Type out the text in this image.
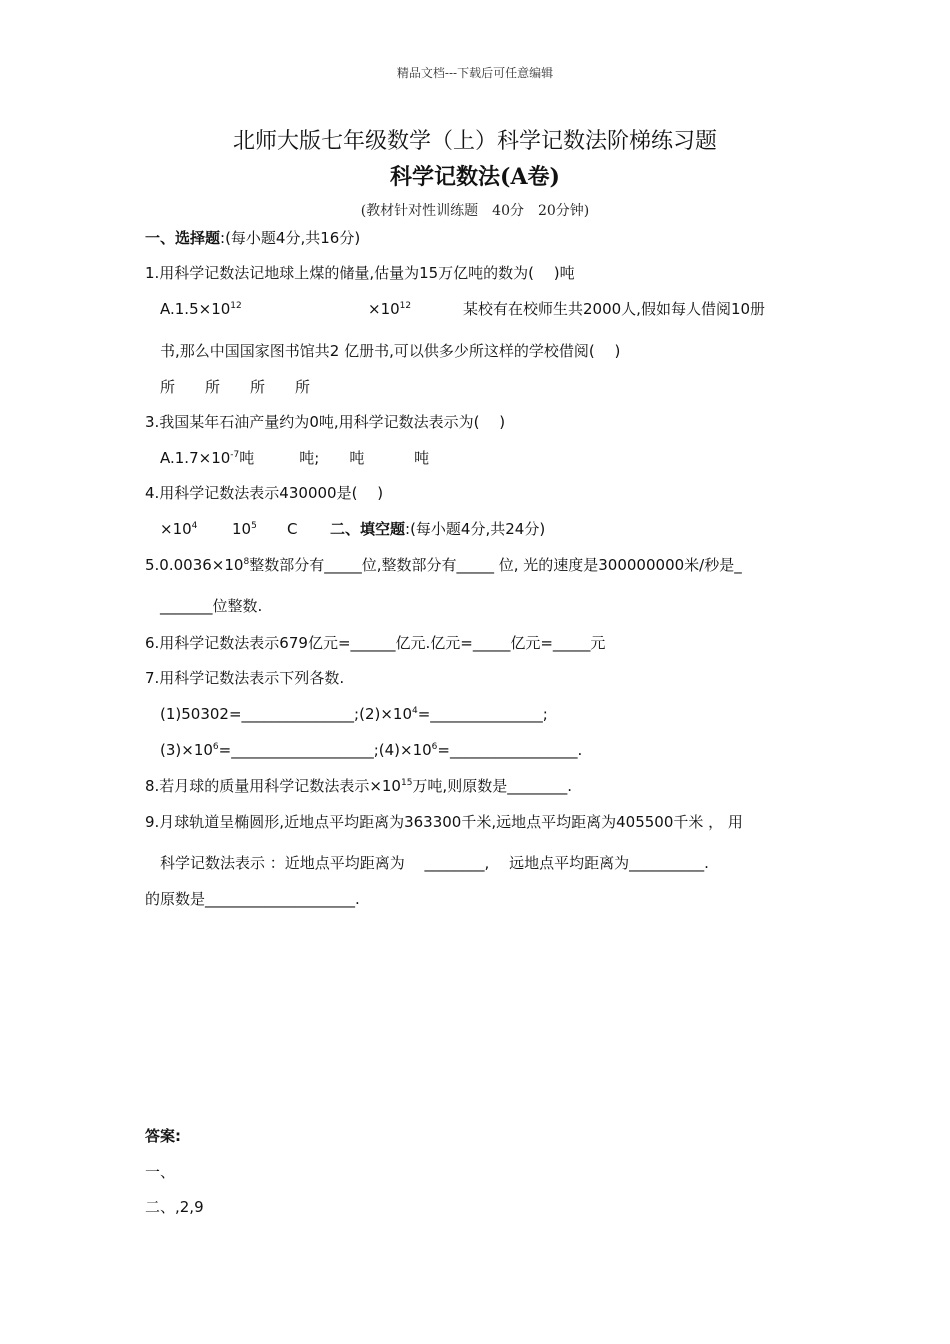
精品文档---下载后可任意编辑
北师大版七年级数学（上）科学记数法阶梯练习题
科学记数法(A卷)
(教材针对性训练题　40分　20分钟)
一、选择题:(每小题4分,共16分)
1.用科学记数法记地球上煤的储量,估量为15万亿吨的数为(　 )吨
$A.1.5\times 10^{12}$	$\times 10^{12}$	某校有在校师生共2000人,假如每人借阅10册
书,那么中国国家图书馆共2 亿册书,可以供多少所这样的学校借阅(　 )
所　　所　　所　　所
3.我国某年石油产量约为0吨,用科学记数法表示为(　 )
$A.1.7\times 10^{-7}$吨　　　吨;　　吨　　　 吨
4.用科学记数法表示430000是(　 )
$\times 10^4$ $10^5$ C 二、填空题:(每小题4分,共24分)
$5.0.0036\times 10^8$整数部分有_____位,整数部分有_____ 位, 光的速度是300000000米/秒是_
_______位整数.
6.用科学记数法表示679亿元=______亿元.亿元=_____亿元=_____元
7.用科学记数法表示下列各数.
$(1)50302=\_\_\_\_\_\_\_\_\_\_\_\_\_\_\_;(2)\times 10^4=\_\_\_\_\_\_\_\_\_\_\_\_\_\_\_$;
$(3)\times 10^6=\_\_\_\_\_\_\_\_\_\_\_\_\_\_\_\_\_\_\_;(4)\times 10^6=\_\_\_\_\_\_\_\_\_\_\_\_\_\_\_\_\_$.
8.若月球的质量用科学记数法表示$\times 10^{15}$万吨,则原数是________.
9.月球轨道呈椭圆形,近地点平均距离为363300千米,远地点平均距离为405500千米 ， 用
科学记数法表示 ：近地点平均距离为　 ________,　 远地点平均距离为__________.
的原数是____________________.
答案:
一、
二、,2,9
